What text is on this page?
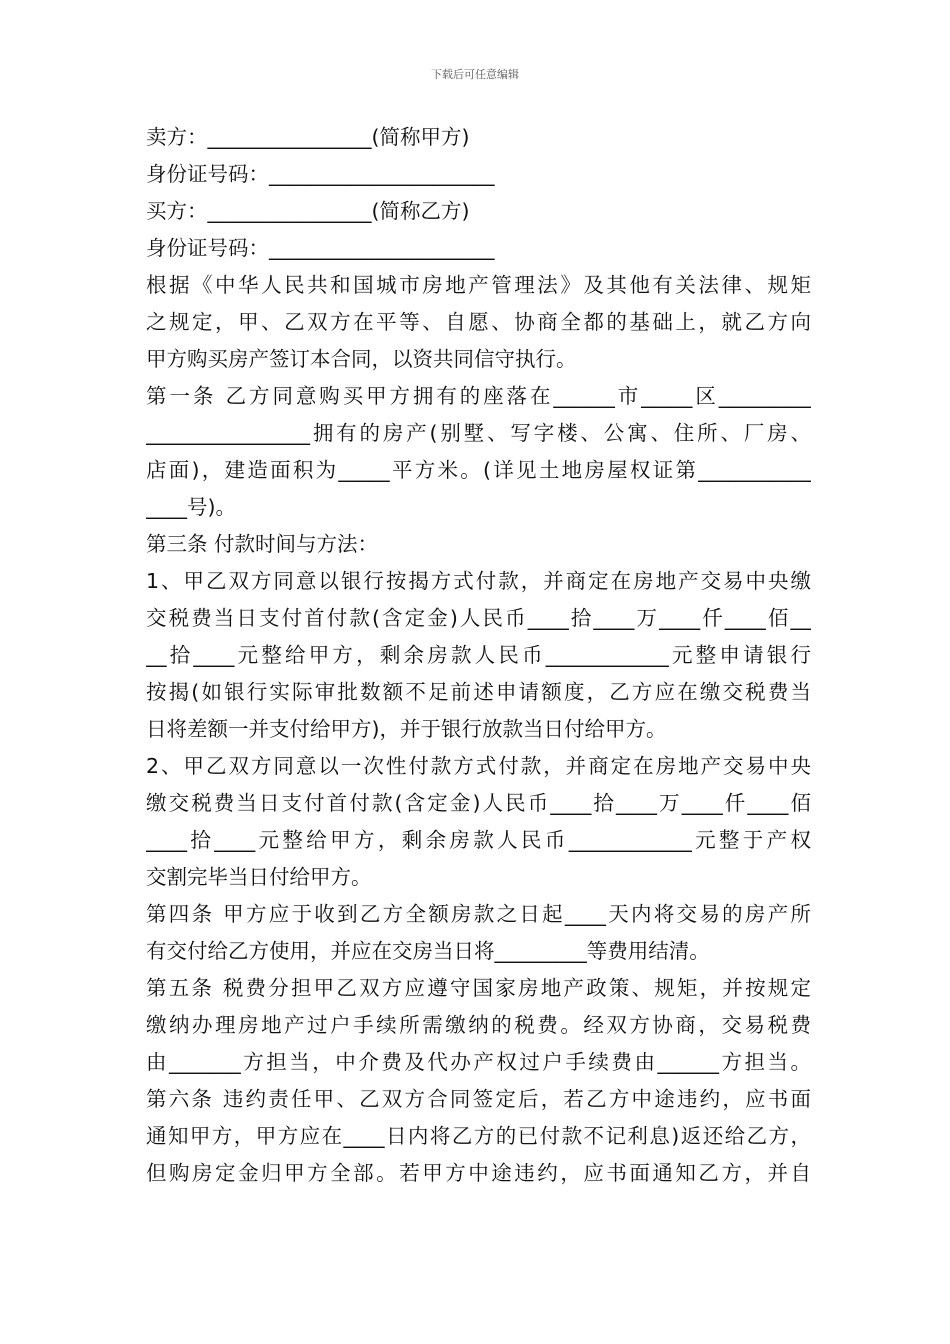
下载后可任意编辑
卖方：________________(简称甲方)
身份证号码：______________________
买方：________________(简称乙方)
身份证号码：______________________
根据《中华人民共和国城市房地产管理法》及其他有关法律、规矩
之规定，甲、乙双方在平等、自愿、协商全都的基础上，就乙方向
甲方购买房产签订本合同，以资共同信守执行。
第一条 乙方同意购买甲方拥有的座落在______市_____区_________
________________拥有的房产(别墅、写字楼、公寓、住所、厂房、
店面)，建造面积为_____平方米。(详见土地房屋权证第___________
____号)。
第三条 付款时间与方法：
1、甲乙双方同意以银行按揭方式付款，并商定在房地产交易中央缴
交税费当日支付首付款(含定金)人民币____拾____万____仟____佰__
__拾____元整给甲方，剩余房款人民币____________元整申请银行
按揭(如银行实际审批数额不足前述申请额度，乙方应在缴交税费当
日将差额一并支付给甲方)，并于银行放款当日付给甲方。
2、甲乙双方同意以一次性付款方式付款，并商定在房地产交易中央
缴交税费当日支付首付款(含定金)人民币____拾____万____仟____佰
____拾____元整给甲方，剩余房款人民币____________元整于产权
交割完毕当日付给甲方。
第四条 甲方应于收到乙方全额房款之日起____天内将交易的房产所
有交付给乙方使用，并应在交房当日将_________等费用结清。
第五条 税费分担甲乙双方应遵守国家房地产政策、规矩，并按规定
缴纳办理房地产过户手续所需缴纳的税费。经双方协商，交易税费
由_______方担当，中介费及代办产权过户手续费由______方担当。
第六条 违约责任甲、乙双方合同签定后，若乙方中途违约，应书面
通知甲方，甲方应在____日内将乙方的已付款不记利息)返还给乙方，
但购房定金归甲方全部。若甲方中途违约，应书面通知乙方，并自
